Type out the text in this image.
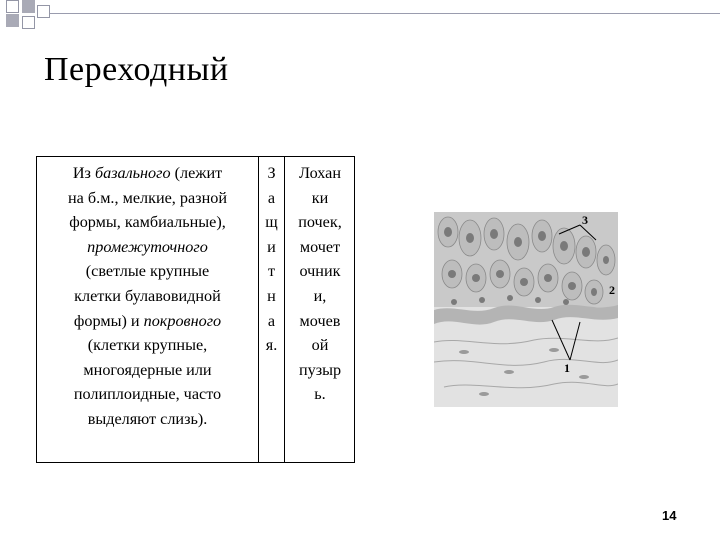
Переходный
Из базального (лежит
на б.м., мелкие, разной
формы, камбиальные),
промежуточного
(светлые крупные
клетки булавовидной
формы) и покровного
(клетки крупные,
многоядерные или
полиплоидные, часто
выделяют слизь).
З
а
щ
и
т
н
а
я.
Лохан
ки
почек,
мочет
очник
и,
мочев
ой
пузыр
ь.
3
2
1
14
